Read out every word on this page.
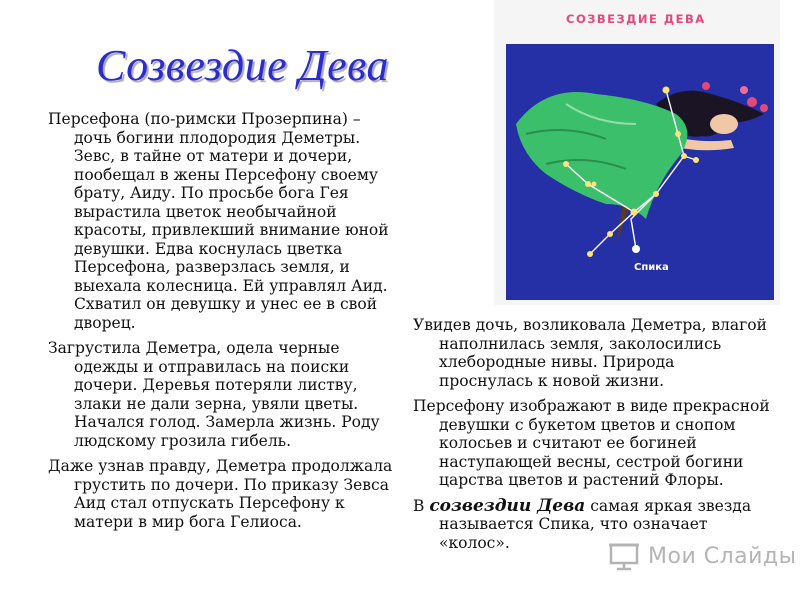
Созвездие Дева

Персефона (по-римски Прозерпина) – дочь богини плодородия Деметры. Зевс, в тайне от матери и дочери, пообещал в жены Персефону своему брату, Аиду. По просьбе бога Гея вырастила цветок необычайной красоты, привлекший внимание юной девушки. Едва коснулась цветка Персефона, разверзлась земля, и выехала колесница. Ей управлял Аид. Схватил он девушку и унес ее в свой дворец.

Загрустила Деметра, одела черные одежды и отправилась на поиски дочери. Деревья потеряли листву, злаки не дали зерна, увяли цветы. Начался голод. Замерла жизнь. Роду людскому грозила гибель.

Даже узнав правду, Деметра продолжала грустить по дочери. По приказу Зевса Аид стал отпускать Персефону к матери в мир бога Гелиоса.

СОЗВЕЗДИЕ ДЕВА
Спика

Увидев дочь, возликовала Деметра, влагой наполнилась земля, заколосились хлебородные нивы. Природа проснулась к новой жизни.

Персефону изображают в виде прекрасной девушки с букетом цветов и снопом колосьев и считают ее богиней наступающей весны, сестрой богини царства цветов и растений Флоры.

В созвездии Дева самая яркая звезда называется Спика, что означает «колос».

Мои Слайды
